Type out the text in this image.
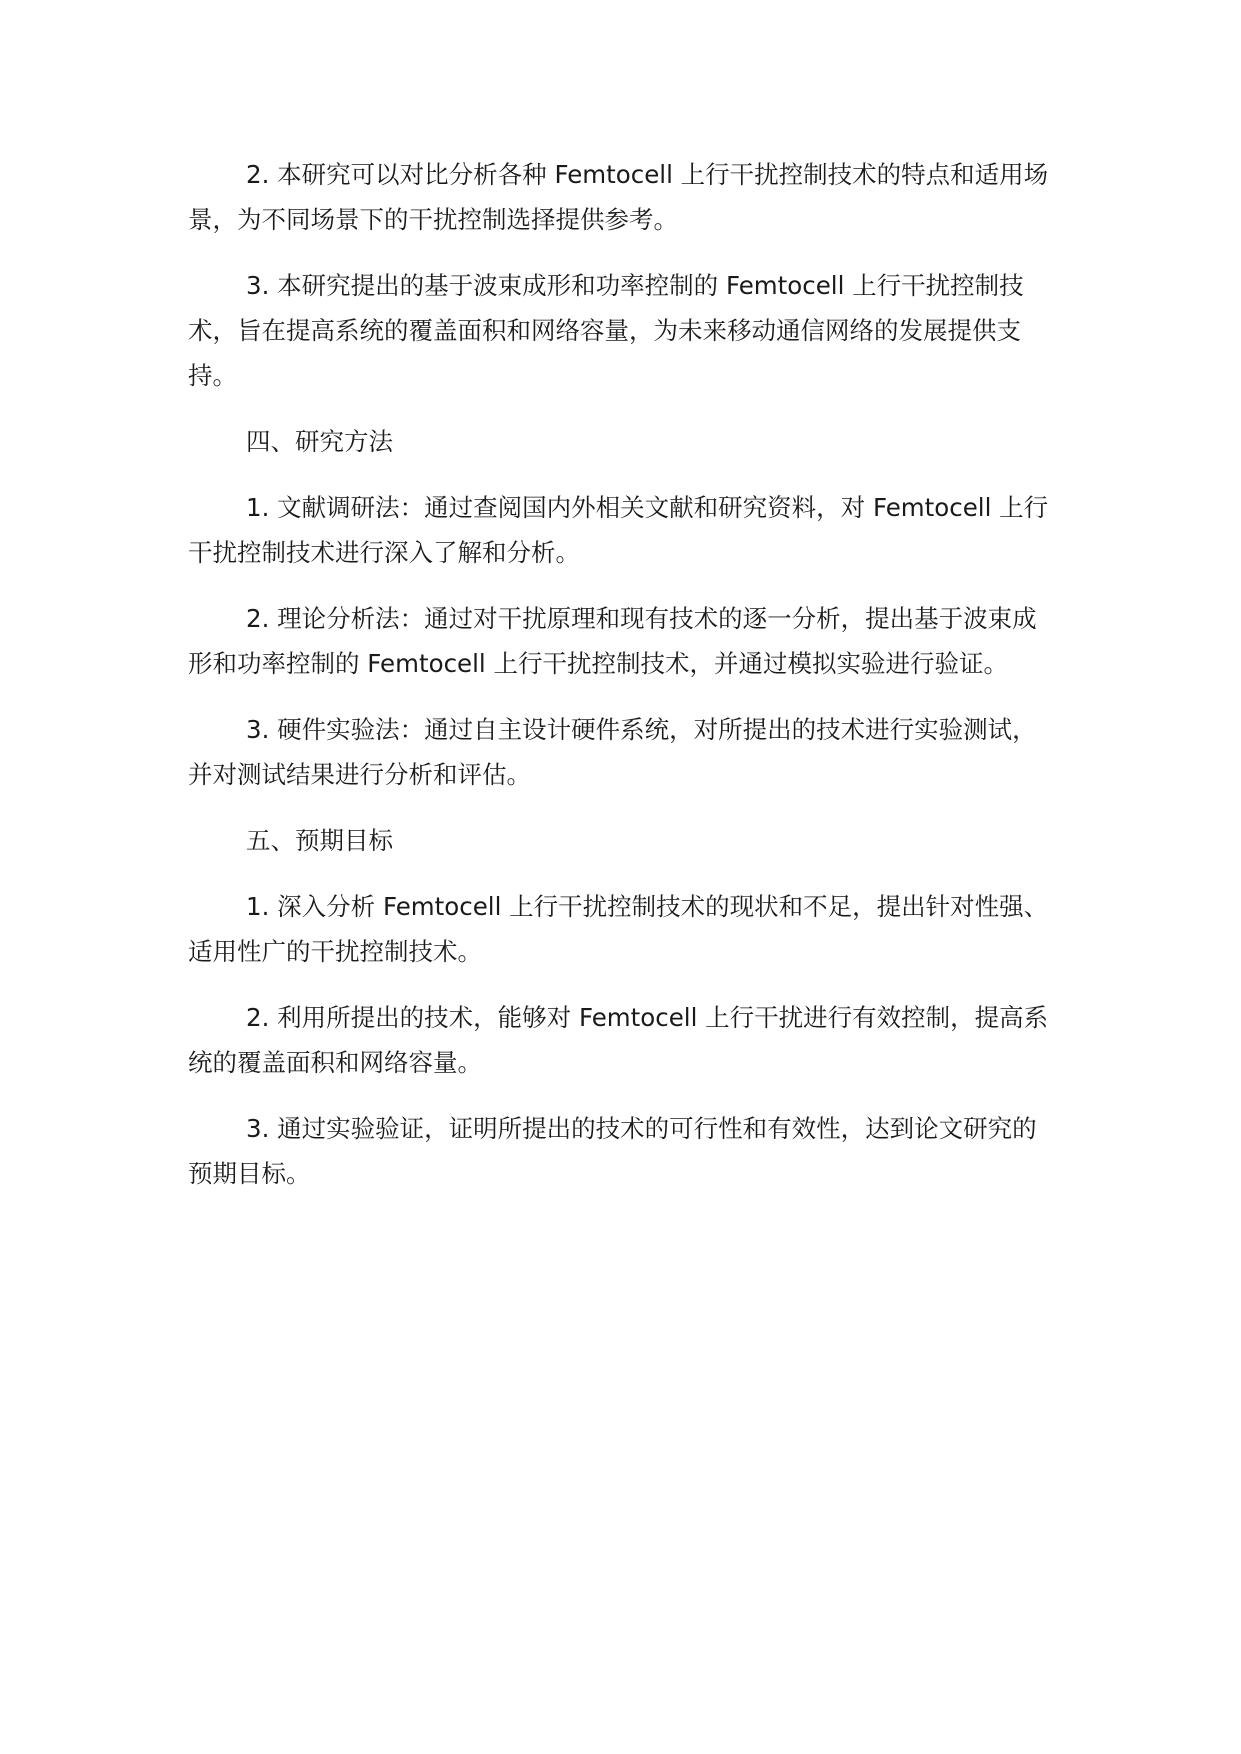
2. 本研究可以对比分析各种 Femtocell 上行干扰控制技术的特点和适用场景，为不同场景下的干扰控制选择提供参考。

3. 本研究提出的基于波束成形和功率控制的 Femtocell 上行干扰控制技术，旨在提高系统的覆盖面积和网络容量，为未来移动通信网络的发展提供支持。

四、研究方法

1. 文献调研法：通过查阅国内外相关文献和研究资料，对 Femtocell 上行干扰控制技术进行深入了解和分析。

2. 理论分析法：通过对干扰原理和现有技术的逐一分析，提出基于波束成形和功率控制的 Femtocell 上行干扰控制技术，并通过模拟实验进行验证。

3. 硬件实验法：通过自主设计硬件系统，对所提出的技术进行实验测试，并对测试结果进行分析和评估。

五、预期目标

1. 深入分析 Femtocell 上行干扰控制技术的现状和不足，提出针对性强、适用性广的干扰控制技术。

2. 利用所提出的技术，能够对 Femtocell 上行干扰进行有效控制，提高系统的覆盖面积和网络容量。

3. 通过实验验证，证明所提出的技术的可行性和有效性，达到论文研究的预期目标。
